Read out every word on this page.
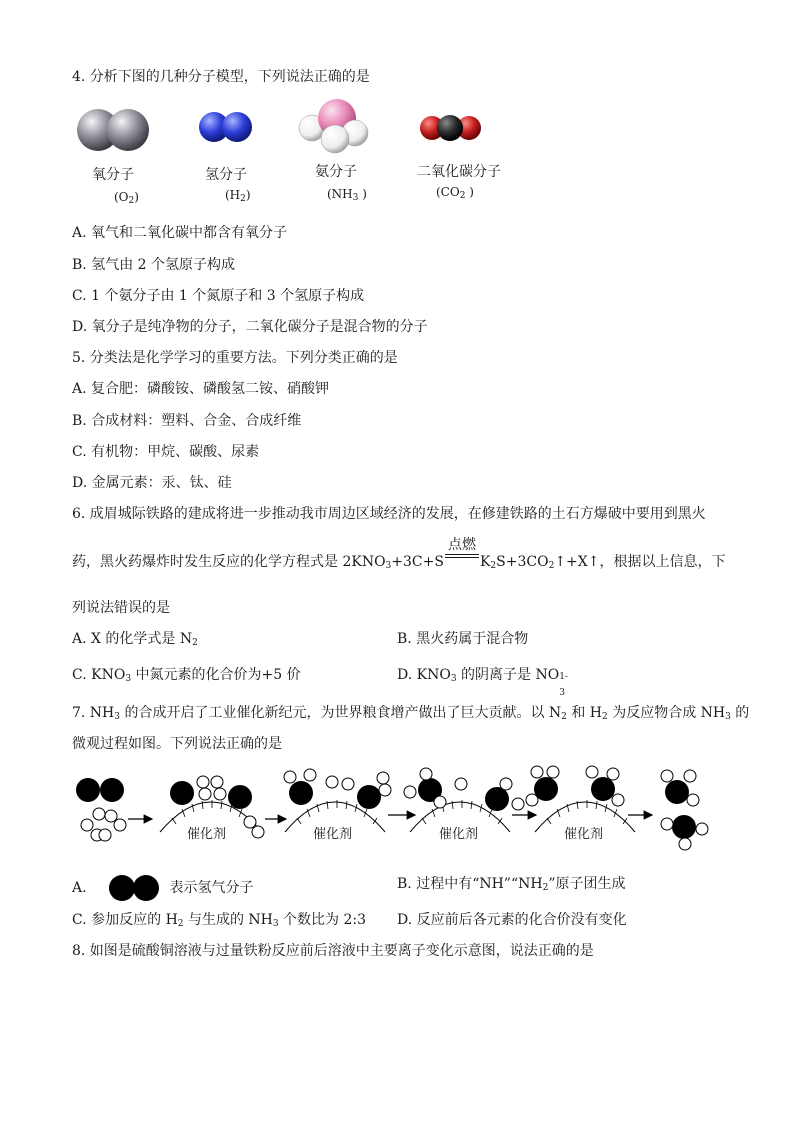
4. 分析下图的几种分子模型，下列说法正确的是
氧分子
$(O_2)$
氢分子
$(H_2)$
氨分子
($NH_3$ )
二氧化碳分子
($CO_2$ )
A. 氧气和二氧化碳中都含有氧分子
B. 氢气由 2 个氢原子构成
C. 1 个氨分子由 1 个氮原子和 3 个氢原子构成
D. 氧分子是纯净物的分子，二氧化碳分子是混合物的分子
5. 分类法是化学学习的重要方法。下列分类正确的是
A. 复合肥：磷酸铵、磷酸氢二铵、硝酸钾
B. 合成材料：塑料、合金、合成纤维
C. 有机物：甲烷、碳酸、尿素
D. 金属元素：汞、钛、硅
6. 成眉城际铁路的建成将进一步推动我市周边区域经济的发展，在修建铁路的土石方爆破中要用到黑火
药，黑火药爆炸时发生反应的化学方程式是 $2KNO_3+3C+S$
点燃
$K_2S+3CO_2↑+X↑$，根据以上信息，下
列说法错误的是
A. X 的化学式是 $N_2$	B. 黑火药属于混合物
C. $KNO_3$ 中氮元素的化合价为+5 价	D. $KNO_3$ 的阴离子是 NO 1-
3
7. $NH_3$ 的合成开启了工业催化新纪元，为世界粮食增产做出了巨大贡献。以 $N_2$ 和 $H_2$ 为反应物合成 $NH_3$ 的
微观过程如图。下列说法正确的是
催化剂	催化剂	催化剂	催化剂
A.	表示氢气分子	B. 过程中有“$NH”“NH_2$”原子团生成
C. 参加反应的 $H_2$ 与生成的 $NH_3$ 个数比为 2:3 D. 反应前后各元素的化合价没有变化
8. 如图是硫酸铜溶液与过量铁粉反应前后溶液中主要离子变化示意图，说法正确的是
